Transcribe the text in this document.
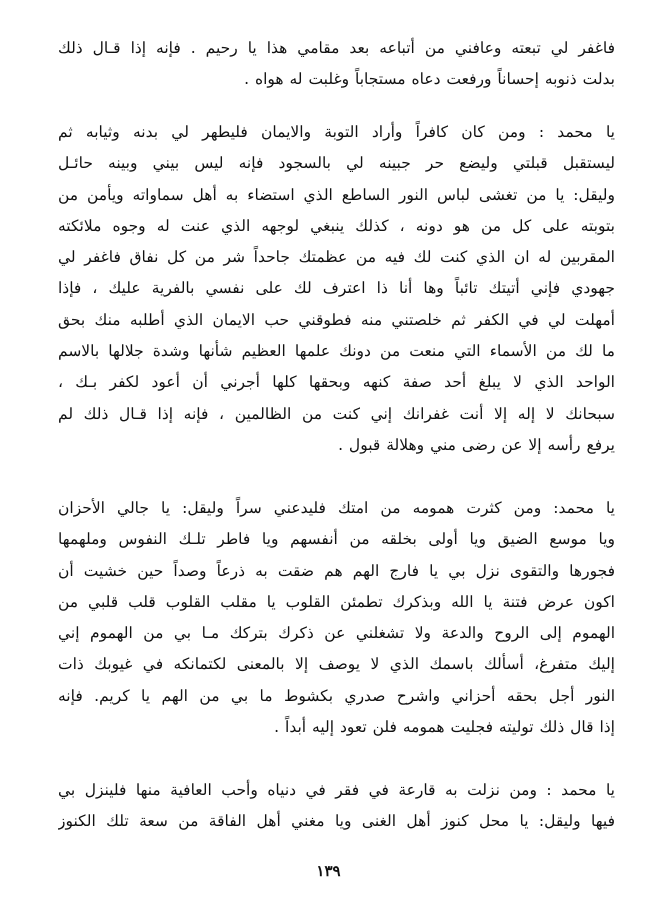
فاغفر لي تبعته وعافني من أتباعه بعد مقامي هذا يا رحيم . فإنه إذا قـال ذلك
بدلت ذنوبه إحساناً ورفعت دعاه مستجاباً وغلبت له هواه .
يا محمد : ومن كان كافراً وأراد التوبة والايمان فليطهر لي بدنه وثيابه ثم
ليستقبل قبلتي وليضع حر جبينه لي بالسجود فإنه ليس بيني وبينه حائـل
وليقل: يا من تغشى لباس النور الساطع الذي استضاء به أهل سماواته ويأمن من
بتوبته على كل من هو دونه ، كذلك ينبغي لوجهه الذي عنت له وجوه ملائكته
المقربين له ان الذي كنت لك فيه من عظمتك جاحداً شر من كل نفاق فاغفر لي
جهودي فإني أتيتك تائباً وها أنا ذا اعترف لك على نفسي بالفرية عليك ، فإذا
أمهلت لي في الكفر ثم خلصتني منه فطوقني حب الايمان الذي أطلبه منك بحق
ما لك من الأسماء التي منعت من دونك علمها العظيم شأنها وشدة جلالها بالاسم
الواحد الذي لا يبلغ أحد صفة كنهه وبحقها كلها أجرني أن أعود لكفر بـك ،
سبحانك لا إله إلا أنت غفرانك إني كنت من الظالمين ، فإنه إذا قـال ذلك لم
يرفع رأسه إلا عن رضى مني وهلالة قبول .
يا محمد: ومن كثرت همومه من امتك فليدعني سراً وليقل: يا جالي الأحزان
ويا موسع الضيق ويا أولى بخلقه من أنفسهم ويا فاطر تلـك النفوس وملهمها
فجورها والتقوى نزل بي يا فارج الهم هم ضقت به ذرعاً وصداً حين خشيت أن
اكون عرض فتنة يا الله وبذكرك تطمئن القلوب يا مقلب القلوب قلب قلبي من
الهموم إلى الروح والدعة ولا تشغلني عن ذكرك بتركك مـا بي من الهموم إني
إليك متفرغ، أسألك باسمك الذي لا يوصف إلا بالمعنى لكتمانكه في غيوبك ذات
النور أجل بحقه أحزاني واشرح صدري بكشوط ما بي من الهم يا كريم. فإنه
إذا قال ذلك توليته فجليت همومه فلن تعود إليه أبداً .
يا محمد : ومن نزلت به قارعة في فقر في دنياه وأحب العافية منها فلينزل بي
فيها وليقل: يا محل كنوز أهل الغنى ويا مغني أهل الفاقة من سعة تلك الكنوز
١٣٩
